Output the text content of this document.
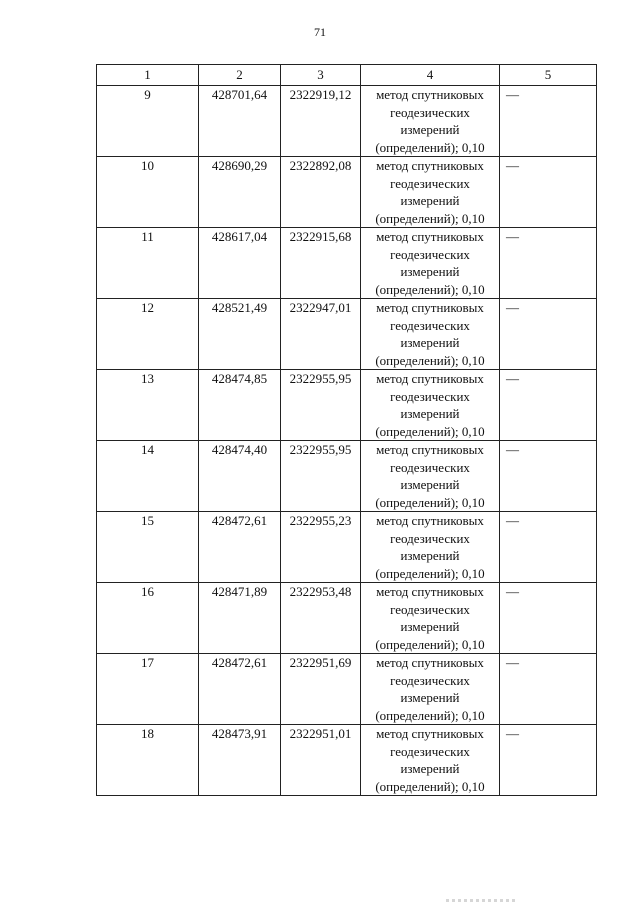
71
1	2	3	4	5
9	428701,64	2322919,12	метод спутниковых
геодезических
измерений
(определений); 0,10	—
10	428690,29	2322892,08	метод спутниковых
геодезических
измерений
(определений); 0,10	—
11	428617,04	2322915,68	метод спутниковых
геодезических
измерений
(определений); 0,10	—
12	428521,49	2322947,01	метод спутниковых
геодезических
измерений
(определений); 0,10	—
13	428474,85	2322955,95	метод спутниковых
геодезических
измерений
(определений); 0,10	—
14	428474,40	2322955,95	метод спутниковых
геодезических
измерений
(определений); 0,10	—
15	428472,61	2322955,23	метод спутниковых
геодезических
измерений
(определений); 0,10	—
16	428471,89	2322953,48	метод спутниковых
геодезических
измерений
(определений); 0,10	—
17	428472,61	2322951,69	метод спутниковых
геодезических
измерений
(определений); 0,10	—
18	428473,91	2322951,01	метод спутниковых
геодезических
измерений
(определений); 0,10	—
